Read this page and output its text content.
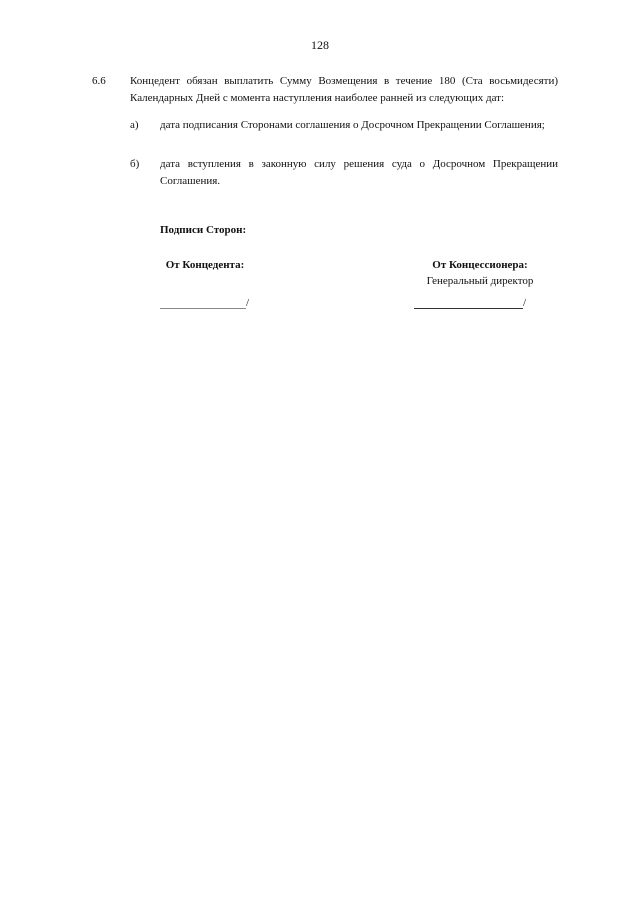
128
6.6 Концедент обязан выплатить Сумму Возмещения в течение 180 (Ста восьмидесяти) Календарных Дней с момента наступления наиболее ранней из следующих дат:
а) дата подписания Сторонами соглашения о Досрочном Прекращении Соглашения;
б) дата вступления в законную силу решения суда о Досрочном Прекращении Соглашения.
Подписи Сторон:
От Концедента:	От Концессионера:
Генеральный директор
/	/
